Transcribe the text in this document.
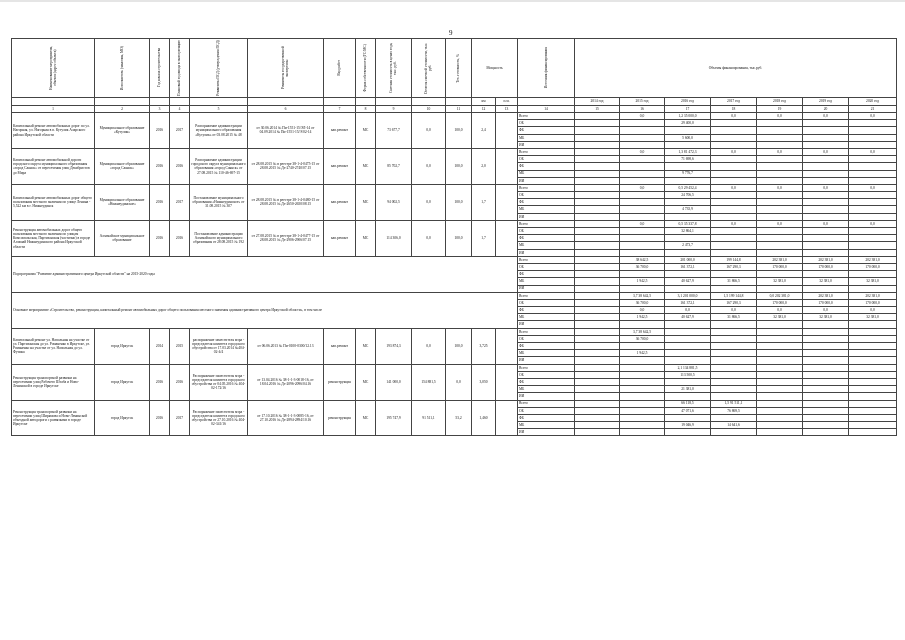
9
Наименование мероприятия, объекта (адрес объекта)	Исполнитель (заказчик, МО)	Год начала строительства	Плановый год ввода в эксплуатацию	Реквизиты ПСД (утверждения ПСД)	Реквизиты государственной экспертизы	Вид работ	Форма собственности (ГС/МС)	Сметная стоимость в ценах года, тыс. руб.	Остаток сметной стоимости, тыс. руб.	Тех. готовность, %	Мощность		Источник финансирования	Объемы финансирования, тыс.руб.						
											км	п.м.		2014 год	2015 год	2016 год	2017 год	2018 год	2019 год	2020 год
1	2	3	4	5	6	7	8	9	10	11	12	13	14	15	16	17	18	19	20	21
Капитальный ремонт автомобильных дорог по ул. Нагорная, ул. Нагорная в п. Кутулик Аларского района Иркутской области	Муниципальное образование «Кутулик»	2016	2017	Распоряжение администрации муниципального образования «Кутулик» от 03.08.2015 № 48	от 30.06.2014 № Пи-1551-15/ЭЛ-14 от 04.09.2014 № Пи-1551-15/Э/02-14	кап.ремонт	МС	73 677,7	0,0	100,0	2,4		Всего		0,0	1,2 35 000,0	0,0	0,0	0,0	0,0
													ОБ			29 400,0				
													ФБ							
													МБ			5 600,0				
													ИИ							
Капитальный ремонт автомобильной дороги городского округа муниципального образования «город Саянск» от пересечения улиц Декабристов до Мира	Муниципальное образование «город Саянск»	2016	2016	Распоряжение администрации городского округа муниципального образования «город Саянск» от 27.08.2015 № 110-46-697-15	от 28.08.2015 № в реестре 38-1-4-0475-15 от 28.08.2015 № Дз-2740-2740/07.15	кап.ремонт	МС	85 702,7	0,0	100,0	2,0		Всего		0,0	1,3 81 472,3	0,0	0,0	0,0	0,0
													ОБ			71 698,6				
													ФБ							
													МБ			9 776,7				
													ИИ							
Капитальный ремонт автомобильных дорог общего пользования местного значения по улице Ленина - 5,522 км в г. Нижнеудинск	Муниципальное образование «Нижнеудинское»	2016	2017	Постановление муниципального образования «Нижнеудинское» от 31.08.2015 № 307	от 28.08.2015 № в реестре 38-1-4-0480-15 от 28.08.2015 № Дз-2650-2650/08.15	кап.ремонт	МС	94 002,5	0,0	100,0	1,7		Всего		0,0	0,5 29 452,4	0,0	0,0	0,0	0,0
													ОБ			24 706,5				
													ФБ							
													МБ			4 735,9				
													ИИ							
Реконструкция автомобильных дорог общего пользования местного значения по улицам Комсомольская, Партизанская (частично) в городе Алзамай Нижнеудинского района Иркутской области	Алзамайское муниципальное образование	2016	2016	Постановление администрации Алзамайского муниципального образования от 28.08.2015 № 192	от 27.08.2015 № в реестре 38-1-4-0477-15 от 28.08.2015 № Дз-2906-2906/07.15	кап.ремонт	МС	114 306,0	0,0	100,0	1,7		Всего		0,0	0,5 35 337,8	0,0	0,0	0,0	0,0
													ОБ			32 864,1				
													ФБ							
													МБ			2 473,7				
													ИИ							
Подпрограмма "Развитие административного центра Иркутской области" на 2015-2020 годы													Всего		38 642,5	201 000,0	199 144,8	202 381,0	202 381,0	202 381,0
													ОБ		36 700,0	161 372,1	167 290,3	170 000,0	170 000,0	170 000,0
													ФБ							
													МБ		1 942,5	40 627,9	31 866,5	32 381,0	32 381,0	32 381,0
													ИИ							
Основное мероприятие «Строительство, реконструкция, капитальный ремонт автомобильных дорог общего пользования местного значения административного центра Иркутской области», в том числе													Всего		3,7 38 642,5	3,1 201 000,0	1,5 199 144,8	0,0 202 381,0	202 381,0	202 381,0
													ОБ		36 700,0	161 372,1	167 290,3	170 000,0	170 000,0	170 000,0
													ФБ		0,0	0,0	0,0	0,0	0,0	0,0
													МБ		1 942,5	40 627,9	31 866,5	32 381,0	32 381,0	32 381,0
													ИИ							
Капитальный ремонт ул. Напольная на участке от ул. Партизанская до ул. Романенко в Иркутске, ул. Романенко на участке от ул. Напольная до ул. Фучика	город Иркутск	2014	2015	распоряжение заместителя мэра - председателя комитета городского обустройства от 17.03.2014 №404-02-4/4	от 06.06.2013 № Пи-0100-0300/12.13	кап.ремонт	МС	193 874,3	0,0	100,0	3,725		Всего		3,7 38 642,5					
													ОБ		36 700,0					
													ФБ							
													МБ		1 942,5					
													ИИ							
Реконструкция транспортной развязки на пересечении улиц Рабочего Штаба и Ново-Ленинской в городе Иркутске	город Иркутск	2016	2016	Распоряжение заместителя мэра - председателя комитета городского обустройства от 04.05.2016 № 404-02-172/16	от 13.04.2016 № 38-1-1-3-0018-16, от 18.04.2016 № Дз-2096-2096/04.16	реконструкция	МС	141 000,0	154 881,5	0,0	3,050		Всего			2,1 134 881,5				
													ОБ			113 500,5				
													ФБ							
													МБ			21 381,0				
													ИИ							
Реконструкция транспортной развязки на пересечении улиц Ширямова и Ново-Ленинской объездной автодороги с развязками в городе Иркутске	город Иркутск	2016	2017	Распоряжение заместителя мэра - председателя комитета городского обустройства от 27.10.2016 № 404-02-341/16	от 17.10.2016 № 38-1-1-3-0085-16, от 27.10.2016 № Дз-2894-2894/10.16	реконструкция	МС	195 747,9	91 511,1	53,2	1,460		Всего			66 118,5	1,5 91 511,1			
													ОБ			47 071,6	76 869,5			
													ФБ							
													МБ			19 046,9	14 641,6			
													ИИ							
